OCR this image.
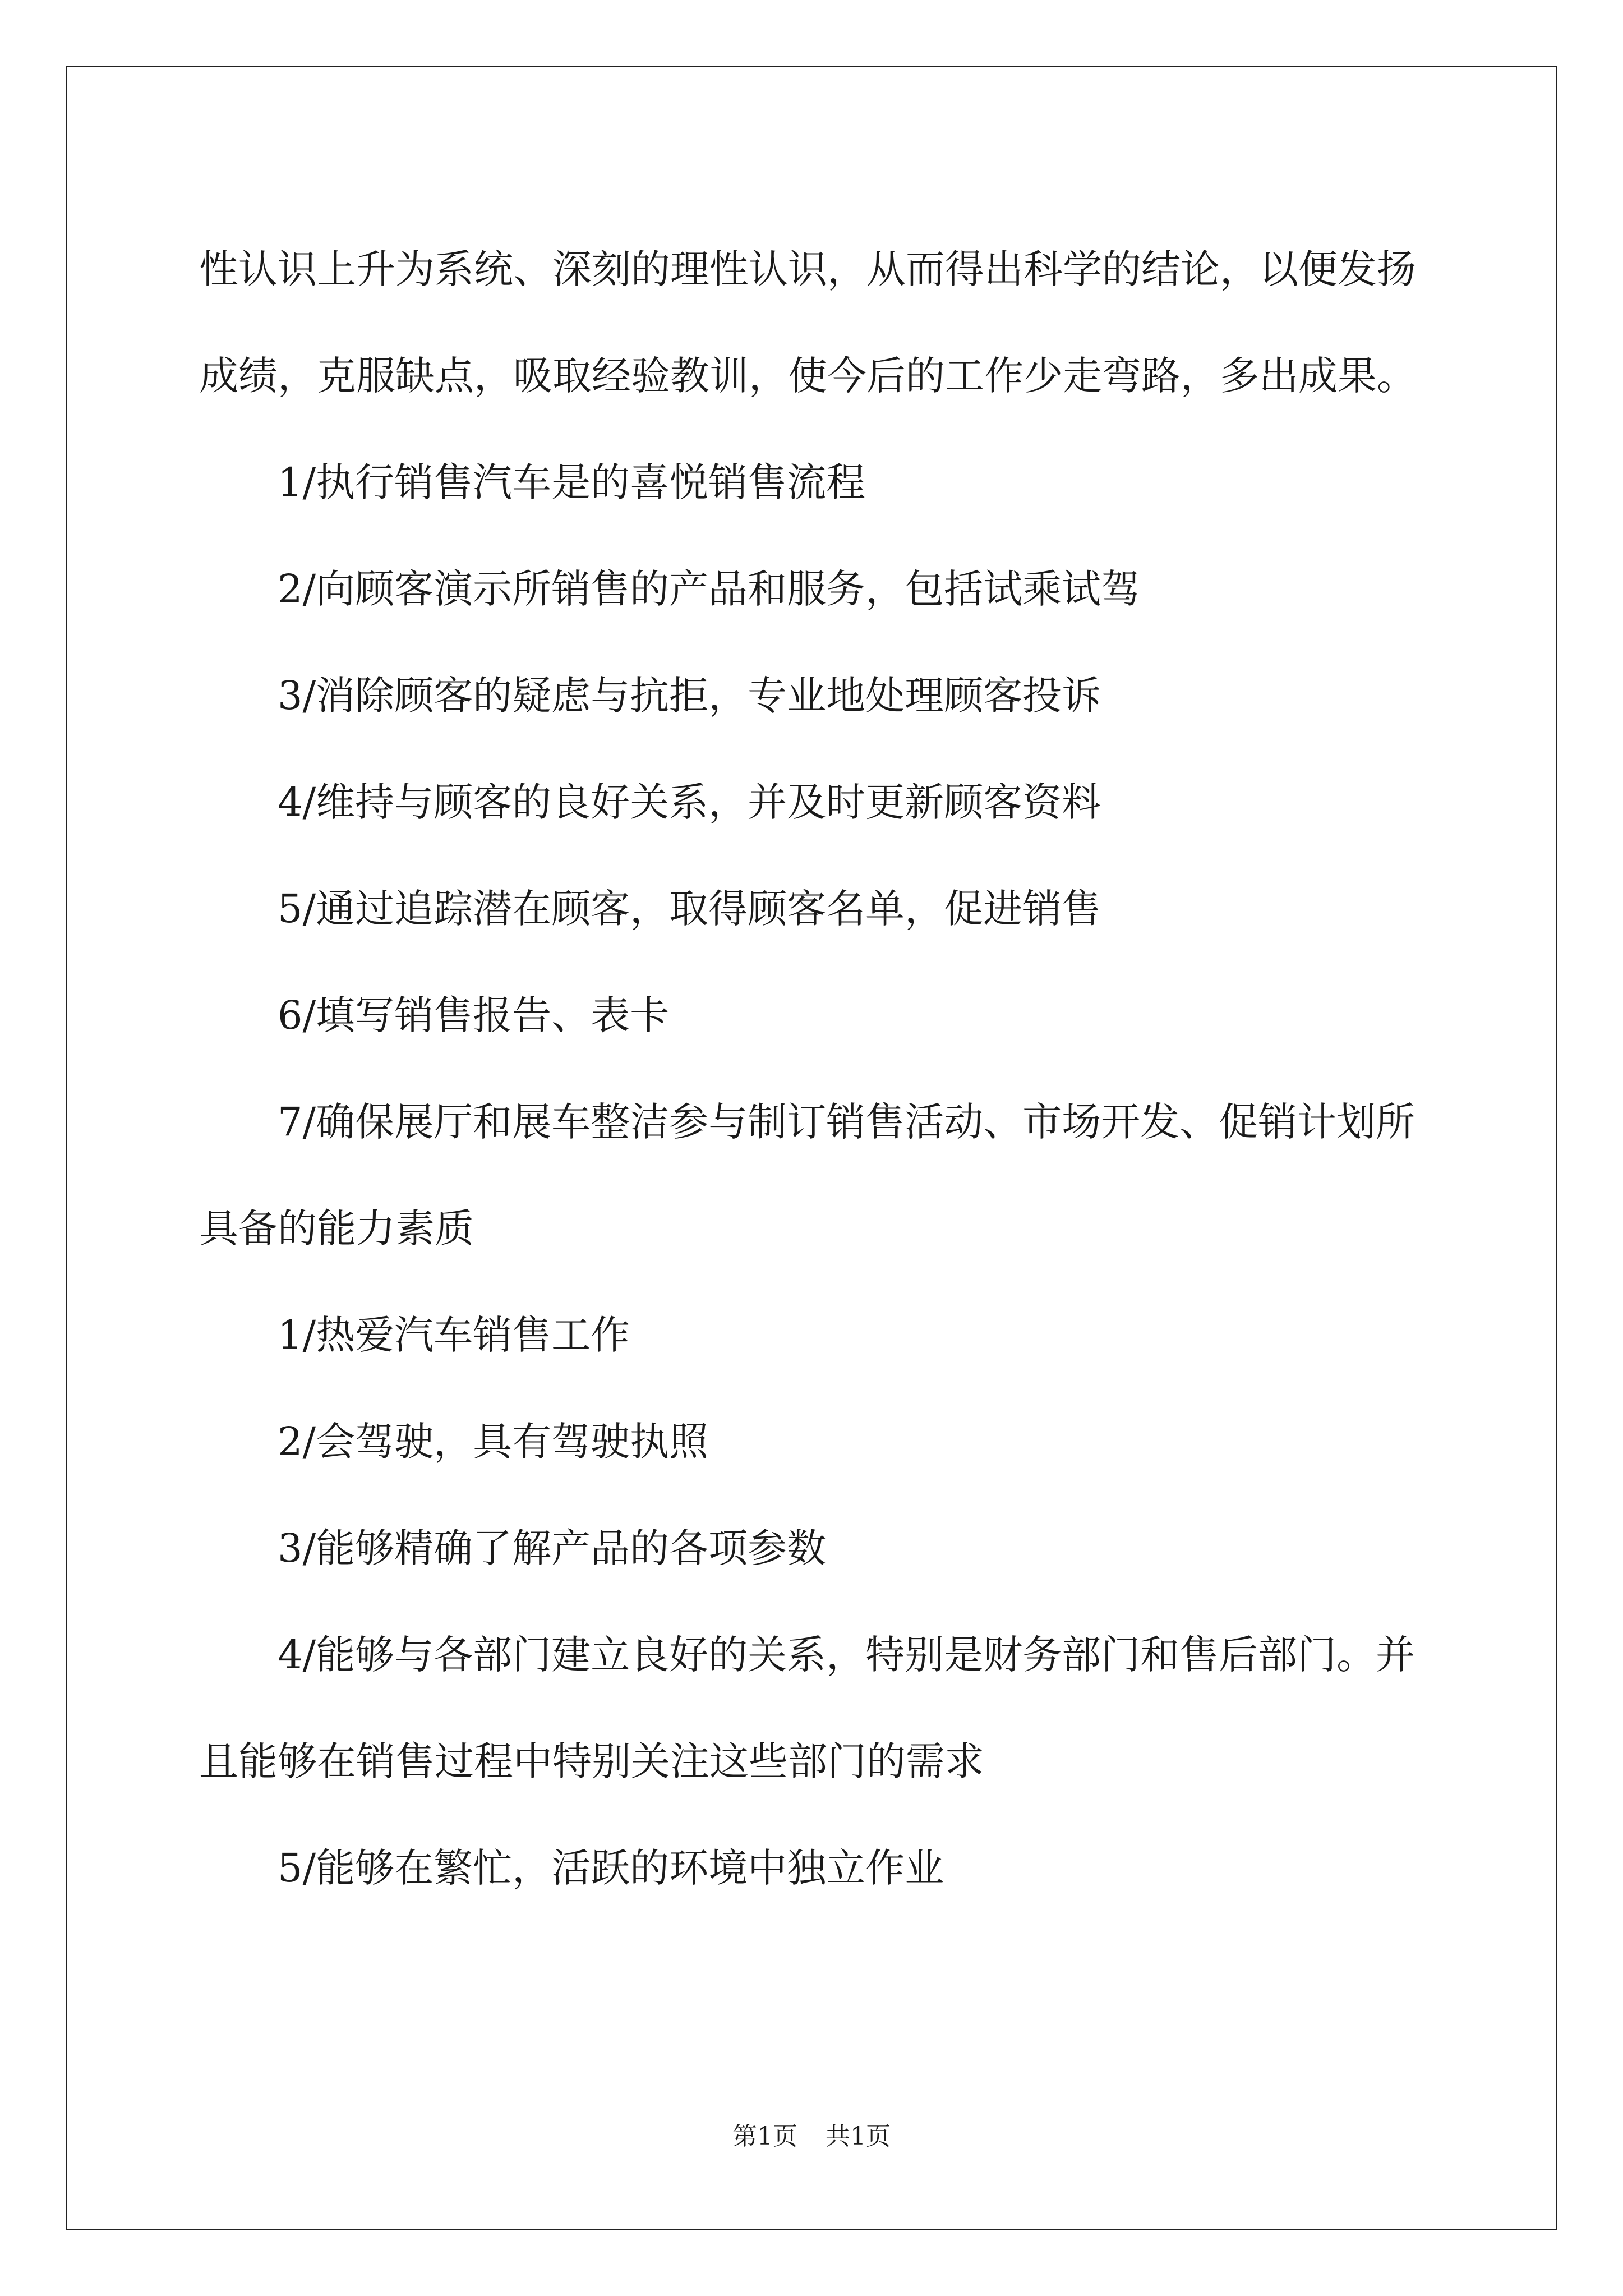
性认识上升为系统、深刻的理性认识，从而得出科学的结论，以便发扬成绩，克服缺点，吸取经验教训，使今后的工作少走弯路，多出成果。

1/执行销售汽车是的喜悦销售流程

2/向顾客演示所销售的产品和服务，包括试乘试驾

3/消除顾客的疑虑与抗拒，专业地处理顾客投诉

4/维持与顾客的良好关系，并及时更新顾客资料

5/通过追踪潜在顾客，取得顾客名单，促进销售

6/填写销售报告、表卡

7/确保展厅和展车整洁参与制订销售活动、市场开发、促销计划所具备的能力素质

1/热爱汽车销售工作

2/会驾驶，具有驾驶执照

3/能够精确了解产品的各项参数

4/能够与各部门建立良好的关系，特别是财务部门和售后部门。并且能够在销售过程中特别关注这些部门的需求

5/能够在繁忙，活跃的环境中独立作业

第1页 共1页
